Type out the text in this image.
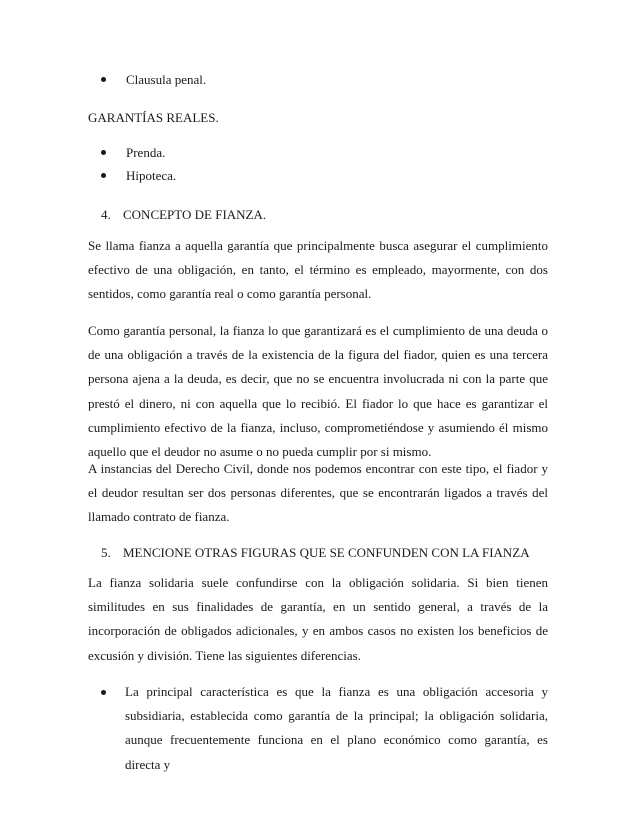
Clausula penal.
GARANTÍAS REALES.
Prenda.
Hipoteca.
4. CONCEPTO DE FIANZA.
Se llama fianza a aquella garantía que principalmente busca asegurar el cumplimiento efectivo de una obligación, en tanto, el término es empleado, mayormente, con dos sentidos, como garantía real o como garantía personal.
Como garantía personal, la fianza lo que garantizará es el cumplimiento de una deuda o de una obligación a través de la existencia de la figura del fiador, quien es una tercera persona ajena a la deuda, es decir, que no se encuentra involucrada ni con la parte que prestó el dinero, ni con aquella que lo recibió. El fiador lo que hace es garantizar el cumplimiento efectivo de la fianza, incluso, comprometiéndose y asumiendo él mismo aquello que el deudor no asume o no pueda cumplir por si mismo.
A instancias del Derecho Civil, donde nos podemos encontrar con este tipo, el fiador y el deudor resultan ser dos personas diferentes, que se encontrarán ligados a través del llamado contrato de fianza.
5. MENCIONE OTRAS FIGURAS QUE SE CONFUNDEN CON LA FIANZA
La fianza solidaria suele confundirse con la obligación solidaria. Si bien tienen similitudes en sus finalidades de garantía, en un sentido general, a través de la incorporación de obligados adicionales, y en ambos casos no existen los beneficios de excusión y división. Tiene las siguientes diferencias.
La principal característica es que la fianza es una obligación accesoria y subsidiaria, establecida como garantía de la principal; la obligación solidaria, aunque frecuentemente funciona en el plano económico como garantía, es directa y
